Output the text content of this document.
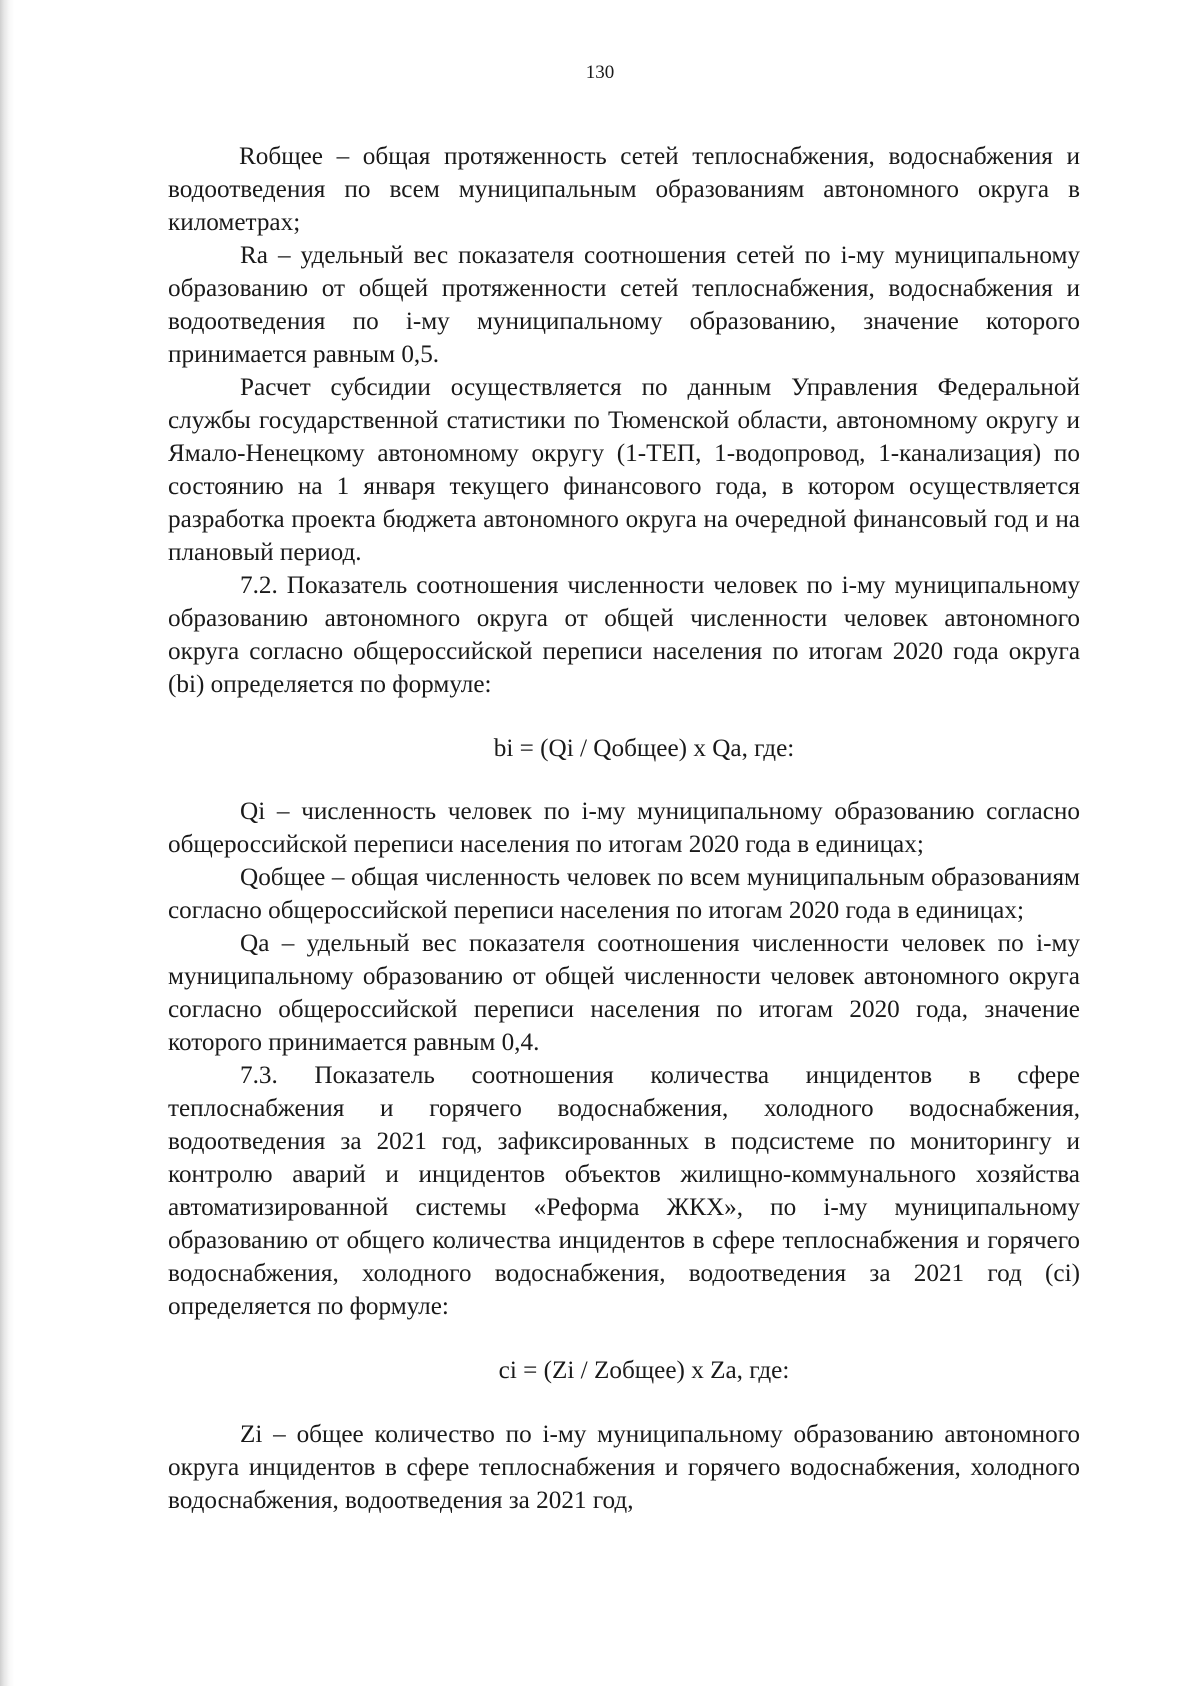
130

Rобщее – общая протяженность сетей теплоснабжения, водоснабжения и водоотведения по всем муниципальным образованиям автономного округа в километрах;

Ra – удельный вес показателя соотношения сетей по i-му муниципальному образованию от общей протяженности сетей теплоснабжения, водоснабжения и водоотведения по i-му муниципальному образованию, значение которого принимается равным 0,5.

Расчет субсидии осуществляется по данным Управления Федеральной службы государственной статистики по Тюменской области, автономному округу и Ямало-Ненецкому автономному округу (1-ТЕП, 1-водопровод, 1-канализация) по состоянию на 1 января текущего финансового года, в котором осуществляется разработка проекта бюджета автономного округа на очередной финансовый год и на плановый период.

7.2. Показатель соотношения численности человек по i-му муниципальному образованию автономного округа от общей численности человек автономного округа согласно общероссийской переписи населения по итогам 2020 года округа (bi) определяется по формуле:

bi = (Qi / Qобщее) x Qa, где:

Qi – численность человек по i-му муниципальному образованию согласно общероссийской переписи населения по итогам 2020 года в единицах;

Qобщее – общая численность человек по всем муниципальным образованиям согласно общероссийской переписи населения по итогам 2020 года в единицах;

Qa – удельный вес показателя соотношения численности человек по i-му муниципальному образованию от общей численности человек автономного округа согласно общероссийской переписи населения по итогам 2020 года, значение которого принимается равным 0,4.

7.3. Показатель соотношения количества инцидентов в сфере теплоснабжения и горячего водоснабжения, холодного водоснабжения, водоотведения за 2021 год, зафиксированных в подсистеме по мониторингу и контролю аварий и инцидентов объектов жилищно-коммунального хозяйства автоматизированной системы «Реформа ЖКХ», по i-му муниципальному образованию от общего количества инцидентов в сфере теплоснабжения и горячего водоснабжения, холодного водоснабжения, водоотведения за 2021 год (ci) определяется по формуле:

ci = (Zi / Zобщее) x Za, где:

Zi – общее количество по i-му муниципальному образованию автономного округа инцидентов в сфере теплоснабжения и горячего водоснабжения, холодного водоснабжения, водоотведения за 2021 год,
